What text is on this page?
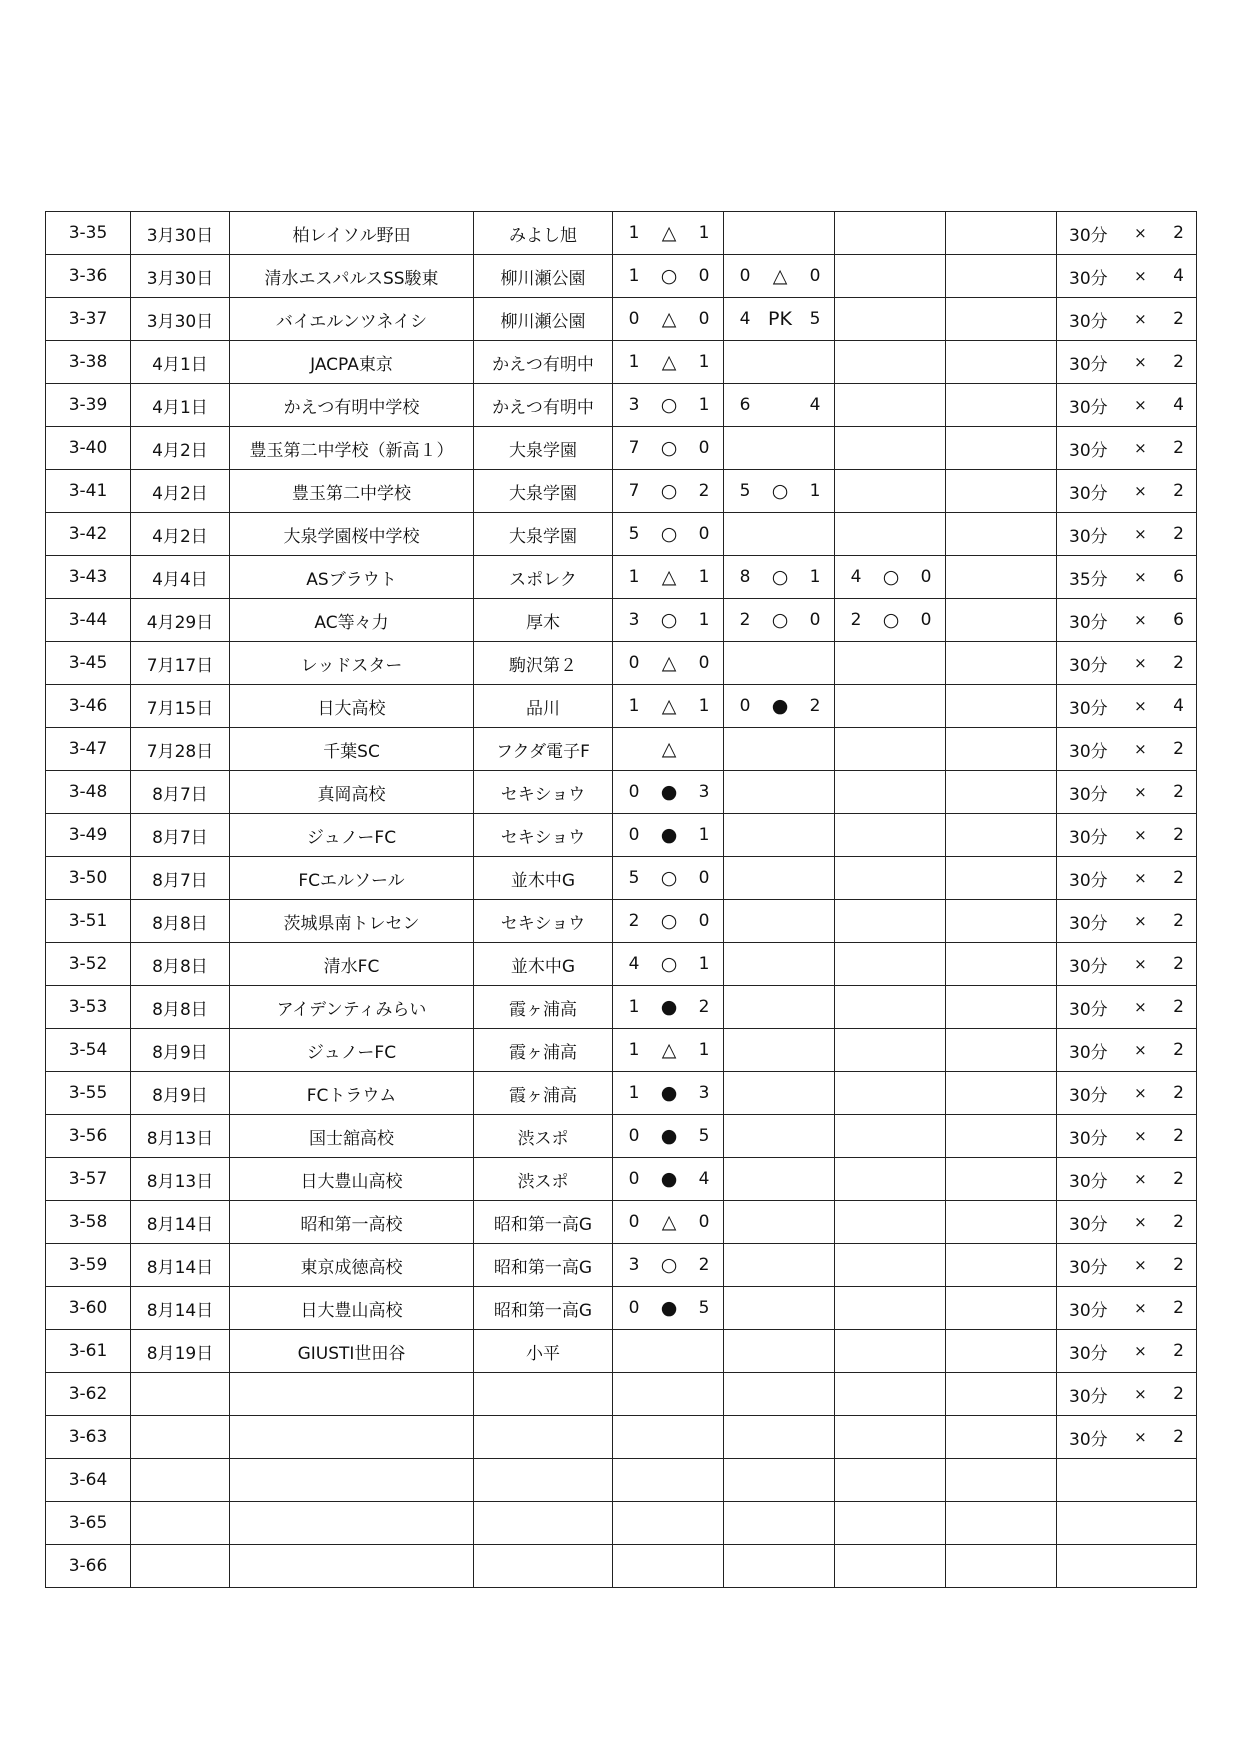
3-35	3月30日	柏レイソル野田	みよし旭	1 △ 1				30分 × 2

3-36	3月30日	清水エスパルスSS駿東	柳川瀬公園	1 ○ 0	0 △ 0			30分 × 4

3-37	3月30日	バイエルンツネイシ	柳川瀬公園	0 △ 0	4 PK 5			30分 × 2

3-38	4月1日	JACPA東京	かえつ有明中	1 △ 1				30分 × 2

3-39	4月1日	かえつ有明中学校	かえつ有明中	3 ○ 1	6 4			30分 × 4

3-40	4月2日	豊玉第二中学校（新高１）	大泉学園	7 ○ 0				30分 × 2

3-41	4月2日	豊玉第二中学校	大泉学園	7 ○ 2	5 ○ 1			30分 × 2

3-42	4月2日	大泉学園桜中学校	大泉学園	5 ○ 0				30分 × 2

3-43	4月4日	ASブラウト	スポレク	1 △ 1	8 ○ 1	4 ○ 0		35分 × 6

3-44	4月29日	AC等々力	厚木	3 ○ 1	2 ○ 0	2 ○ 0		30分 × 6

3-45	7月17日	レッドスター	駒沢第２	0 △ 0				30分 × 2

3-46	7月15日	日大高校	品川	1 △ 1	0 ● 2			30分 × 4

3-47	7月28日	千葉SC	フクダ電子F	△				30分 × 2

3-48	8月7日	真岡高校	セキショウ	0 ● 3				30分 × 2

3-49	8月7日	ジュノーFC	セキショウ	0 ● 1				30分 × 2

3-50	8月7日	FCエルソール	並木中G	5 ○ 0				30分 × 2

3-51	8月8日	茨城県南トレセン	セキショウ	2 ○ 0				30分 × 2

3-52	8月8日	清水FC	並木中G	4 ○ 1				30分 × 2

3-53	8月8日	アイデンティみらい	霞ヶ浦高	1 ● 2				30分 × 2

3-54	8月9日	ジュノーFC	霞ヶ浦高	1 △ 1				30分 × 2

3-55	8月9日	FCトラウム	霞ヶ浦高	1 ● 3				30分 × 2

3-56	8月13日	国士舘高校	渋スポ	0 ● 5				30分 × 2

3-57	8月13日	日大豊山高校	渋スポ	0 ● 4				30分 × 2

3-58	8月14日	昭和第一高校	昭和第一高G	0 △ 0				30分 × 2

3-59	8月14日	東京成徳高校	昭和第一高G	3 ○ 2				30分 × 2

3-60	8月14日	日大豊山高校	昭和第一高G	0 ● 5				30分 × 2

3-61	8月19日	GIUSTI世田谷	小平					30分 × 2

3-62								30分 × 2

3-63								30分 × 2

3-64				

3-65				

3-66				
